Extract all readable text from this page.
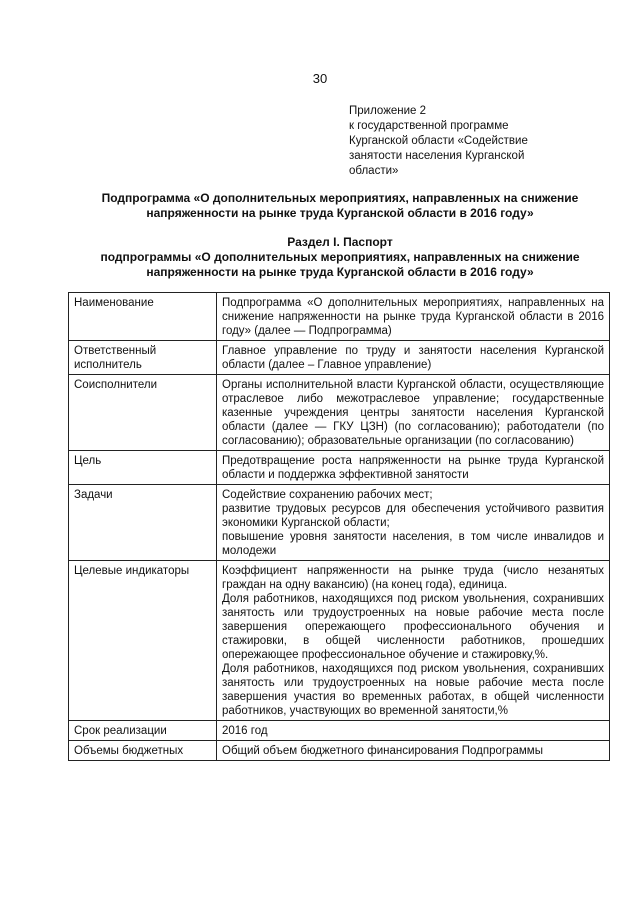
30
Приложение 2
к государственной программе
Курганской области «Содействие
занятости населения Курганской
области»
Подпрограмма «О дополнительных мероприятиях, направленных на снижение
напряженности на рынке труда Курганской области в 2016 году»
Раздел I. Паспорт
подпрограммы «О дополнительных мероприятиях, направленных на снижение
напряженности на рынке труда Курганской области в 2016 году»
Наименование	Подпрограмма «О дополнительных мероприятиях, направленных на снижение напряженности на рынке труда Курганской области в 2016 году» (далее — Подпрограмма)

Ответственный исполнитель	Главное управление по труду и занятости населения Курганской области (далее – Главное управление)

Соисполнители	Органы исполнительной власти Курганской области, осуществляющие отраслевое либо межотраслевое управление; государственные казенные учреждения центры занятости населения Курганской области (далее — ГКУ ЦЗН) (по согласованию); работодатели (по согласованию); образовательные организации (по согласованию)

Цель	Предотвращение роста напряженности на рынке труда Курганской области и поддержка эффективной занятости

Задачи	Содействие сохранению рабочих мест;
развитие трудовых ресурсов для обеспечения устойчивого развития экономики Курганской области;
повышение уровня занятости населения, в том числе инвалидов и молодежи

Целевые индикаторы	Коэффициент напряженности на рынке труда (число незанятых граждан на одну вакансию) (на конец года), единица.
Доля работников, находящихся под риском увольнения, сохранивших занятость или трудоустроенных на новые рабочие места после завершения опережающего профессионального обучения и стажировки, в общей численности работников, прошедших опережающее профессиональное обучение и стажировку,%.
Доля работников, находящихся под риском увольнения, сохранивших занятость или трудоустроенных на новые рабочие места после завершения участия во временных работах, в общей численности работников, участвующих во временной занятости,%

Срок реализации	2016 год

Объемы бюджетных	Общий объем бюджетного финансирования Подпрограммы
